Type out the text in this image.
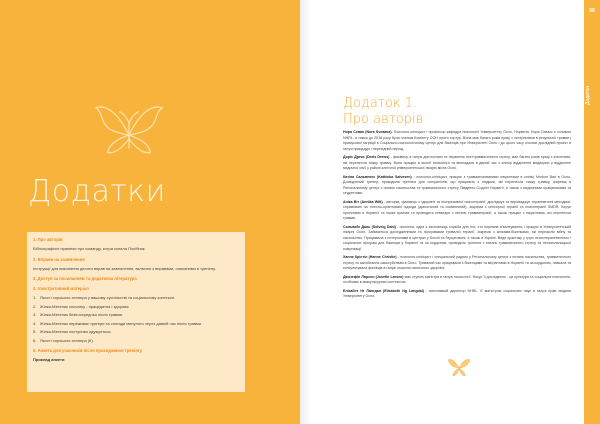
Додатки
1. Про авторів
Бібліографічні примітки про команду, котра склала Посібник.
2. Вправи на заземлення
Інструкції для виконання десяти вправ на заземлення, включно з вправами, описаними в тренінгу.
3. Доступ за посиланням та додаткова література
4. Ілюстративний матеріал
1. Якості хорошого хелпера у вашому суспільстві та соціальному контексті.
2. Жінка-Метелик спочатку - працедатна і здорова
3. Жінка-Метелик безпосередньо після травми.
4. Жінка-Метелик переживає тригери та спогади минулого через давній час після травми.
5. Жінка-Метелик поступово одужується.
6. Якості хорошого хелпера (II).
5. Анкета для учасників після проходження тренінгу
Приклад анкети
Додаток 1.
Про авторів
Нора Севик (Nora Sveaass). Психолог-клініцист і професор кафедри психології Університету Осло, Норвегія. Нора Севасс є головою NHRL, а також до 2018 року була членом Комітету ООН проти тортур. Вона має багато років праці з потерпілими в результаті травми і примусової міграції в Соціально-психологічному центрі для біженців при Університеті Осло і до цього часу очолює дослідний проект в галузі працедурі і перехідний період.
Доріс Дрекс (Doris Drews) - фахівець в галузі діагностики та лікування посттравматичного стресу, має багато років праці з клієнтами, які перенесли тяжку травму. Вона працює в якості психолога та викладача в даний час з клініці відділення медицини у відділенні медичної сім'ї у районі клінічної університетської лікарні міста Осло.
Катіна Сальвенес (Kathinka Salvesen) - психолог-клініцист, працює з травматизованими пацієнтами в клініці Modum Bad в Осло. Досвідчений тренер, проводила тренінги для спеціалістів, що працюють з людьми, які перенесли тяжку травму, зокрема в Регіональному центрі з питань насильства та травматичного стресу Південно-Східної Норвегії, а також з медичними працівниками та студентами.
Аніка Віт (Annika Witt) - авторка, фахівець з здоров'я та експресивної психотерапії, досліджує та впроваджує терапевтичні методики, спрямовані на тілесно-орієнтовані підходи (діалогічний та соматичний), зокрема з сенсорної терапії та психотерапії SMDR. Керує проектами в Норвегії та інших країнах та проводить семінари з питань травматерапії, а також працює з пацієнтами, які перенесли травми.
Сольвейг Даль (Solveig Dahl) - психолог, одна з засновниць служби для тих, хто пережив зґвалтування, і працює в Університетській лікарні Осло. Займається дослідженнями та програмами тривалої терапії, зокрема з жінками-біженками, які пережили війну та насильство. Працювала з потерпілими в центрах у Боснії та Герцеговині, а також в Україні. Веде практику у групі психотерапевтичних і соціальних програм для біженців у Норвегії та за кордоном, проводить тренінги з питань травматичного стресу та ненасильницької комунікації.
Ханне Крістіл (Hanne Christie) - психолог-клініцист і спеціальний радник у Регіональному центрі з питань насильства, травматичного стресу та запобігання самогубствам в Осло. Тривалий час працювала з біженцями та мігрантами в Норвегії та за кордоном, навчала та консультувала фахівців в галузі охорони психічного здоров'я.
Джозефін Ларсон (Josefin Larsen) має ступінь магістра в галузі психології. Фокус її досліджень - це культура та соціальна психологія, особливо в міжкультурних контекстах.
Елізабет Нг Лангдал (Elisabeth Ng Langdal) - виконавчий директор NHRL. Є магістром соціальних наук в галузі прав людини Університету Осло.
98
Додатки
